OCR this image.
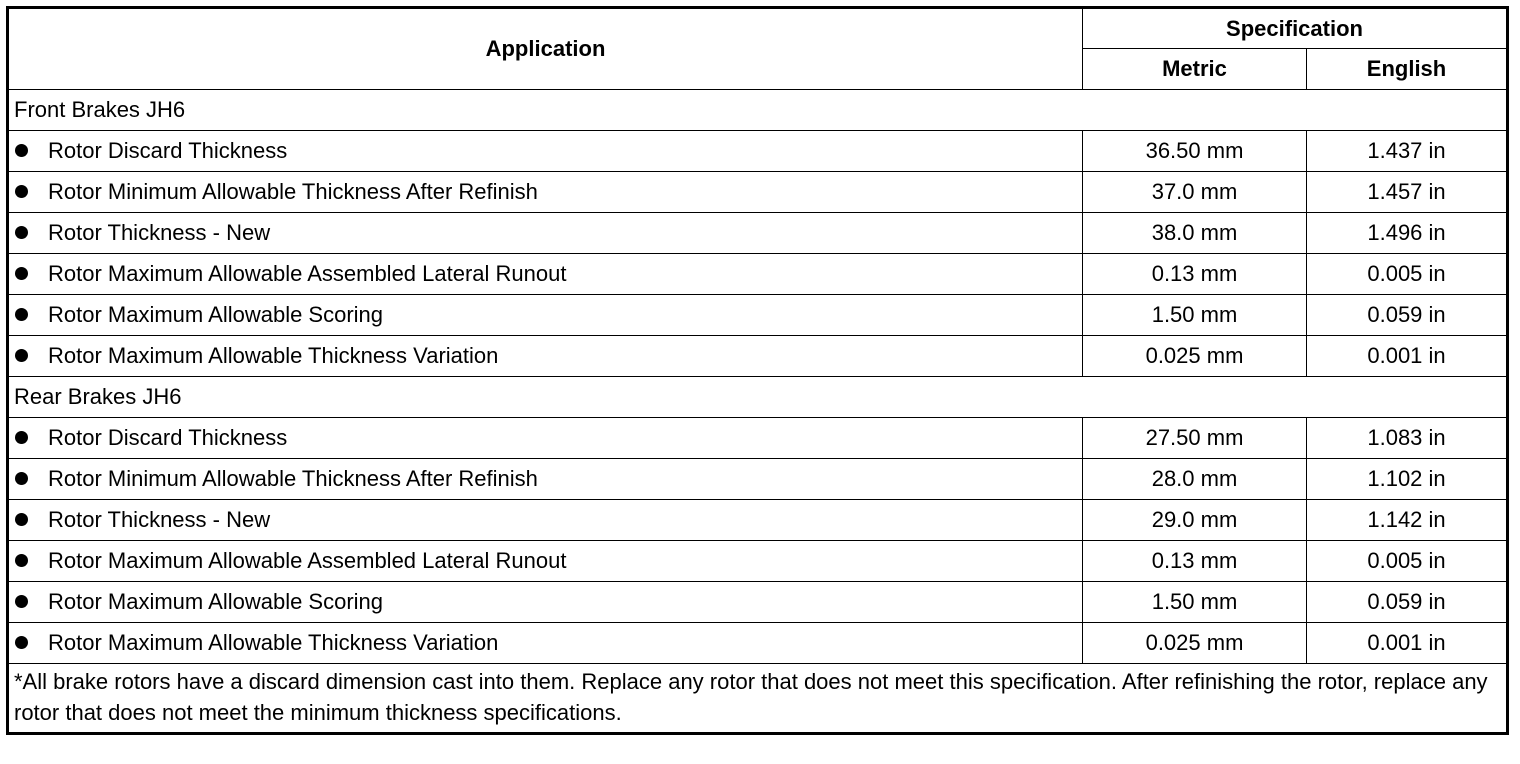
Application	Specification	
	Metric	English
Front Brakes JH6		
Rotor Discard Thickness	36.50 mm	1.437 in
Rotor Minimum Allowable Thickness After Refinish	37.0 mm	1.457 in
Rotor Thickness - New	38.0 mm	1.496 in
Rotor Maximum Allowable Assembled Lateral Runout	0.13 mm	0.005 in
Rotor Maximum Allowable Scoring	1.50 mm	0.059 in
Rotor Maximum Allowable Thickness Variation	0.025 mm	0.001 in
Rear Brakes JH6		
Rotor Discard Thickness	27.50 mm	1.083 in
Rotor Minimum Allowable Thickness After Refinish	28.0 mm	1.102 in
Rotor Thickness - New	29.0 mm	1.142 in
Rotor Maximum Allowable Assembled Lateral Runout	0.13 mm	0.005 in
Rotor Maximum Allowable Scoring	1.50 mm	0.059 in
Rotor Maximum Allowable Thickness Variation	0.025 mm	0.001 in
*All brake rotors have a discard dimension cast into them. Replace any rotor that does not meet this specification. After refinishing the rotor, replace any rotor that does not meet the minimum thickness specifications.		
